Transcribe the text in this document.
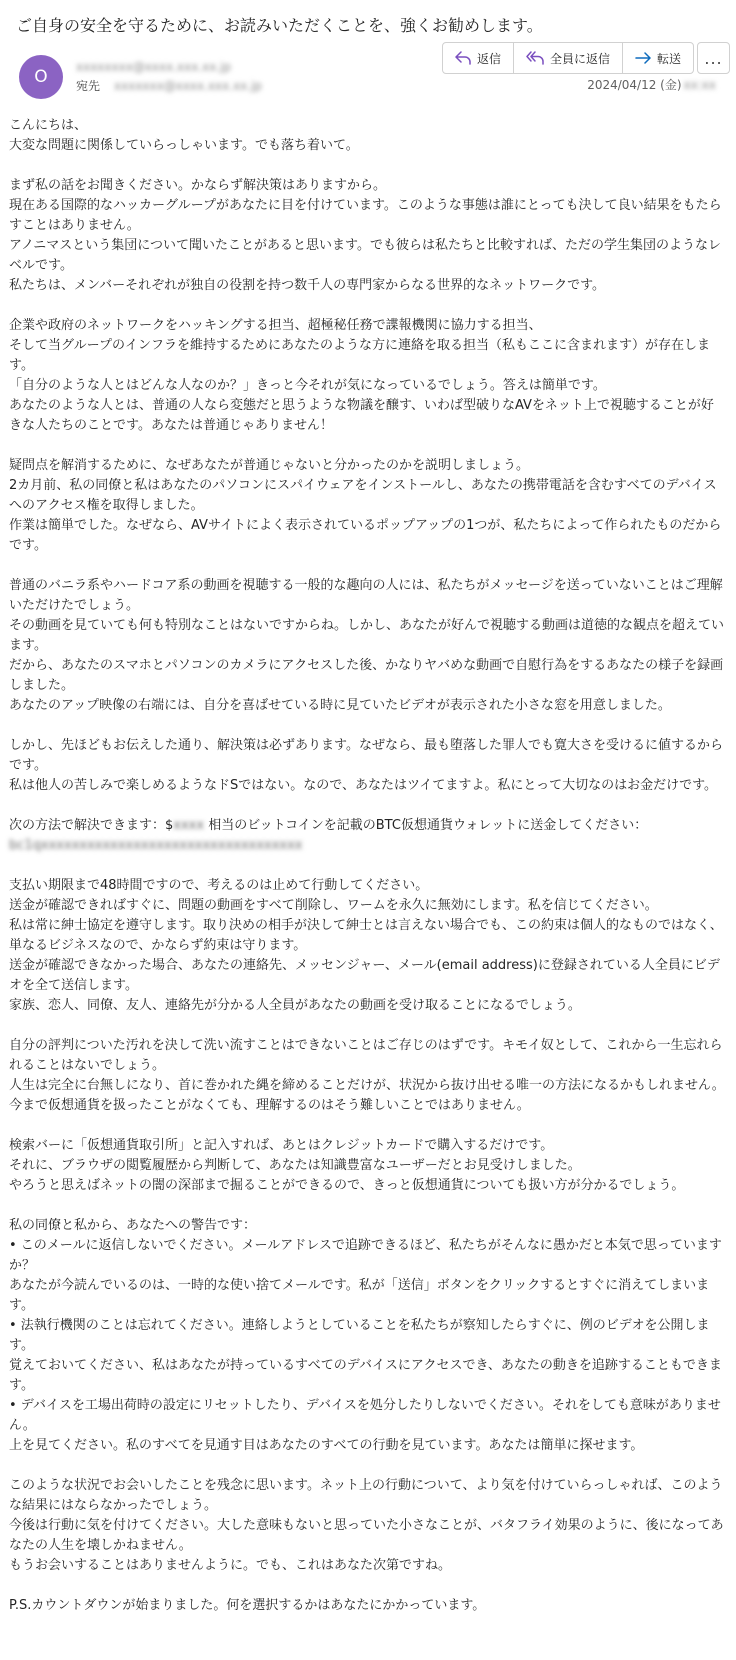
ご自身の安全を守るために、お読みいただくことを、強くお勧めします。
O	xxxxxxxx@xxxx.xxx.xx.jp
宛先 xxxxxxx@xxxx.xxx.xx.jp
返信	全員に返信	転送	...
2024/04/12 (金) xx:xx

こんにちは、
大変な問題に関係していらっしゃいます。でも落ち着いて。

まず私の話をお聞きください。かならず解決策はありますから。
現在ある国際的なハッカーグループがあなたに目を付けています。このような事態は誰にとっても決して良い結果をもたらすことはありません。
アノニマスという集団について聞いたことがあると思います。でも彼らは私たちと比較すれば、ただの学生集団のようなレベルです。
私たちは、メンバーそれぞれが独自の役割を持つ数千人の専門家からなる世界的なネットワークです。

企業や政府のネットワークをハッキングする担当、超極秘任務で諜報機関に協力する担当、
そして当グループのインフラを維持するためにあなたのような方に連絡を取る担当（私もここに含まれます）が存在します。
「自分のような人とはどんな人なのか？」きっと今それが気になっているでしょう。答えは簡単です。
あなたのような人とは、普通の人なら変態だと思うような物議を醸す、いわば型破りなAVをネット上で視聴することが好きな人たちのことです。あなたは普通じゃありません！

疑問点を解消するために、なぜあなたが普通じゃないと分かったのかを説明しましょう。
2カ月前、私の同僚と私はあなたのパソコンにスパイウェアをインストールし、あなたの携帯電話を含むすべてのデバイスへのアクセス権を取得しました。
作業は簡単でした。なぜなら、AVサイトによく表示されているポップアップの1つが、私たちによって作られたものだからです。

普通のバニラ系やハードコア系の動画を視聴する一般的な趣向の人には、私たちがメッセージを送っていないことはご理解いただけたでしょう。
その動画を見ていても何も特別なことはないですからね。しかし、あなたが好んで視聴する動画は道徳的な観点を超えています。
だから、あなたのスマホとパソコンのカメラにアクセスした後、かなりヤバめな動画で自慰行為をするあなたの様子を録画しました。
あなたのアップ映像の右端には、自分を喜ばせている時に見ていたビデオが表示された小さな窓を用意しました。

しかし、先ほどもお伝えした通り、解決策は必ずあります。なぜなら、最も堕落した罪人でも寛大さを受けるに値するからです。
私は他人の苦しみで楽しめるようなドSではない。なので、あなたはツイてますよ。私にとって大切なのはお金だけです。

次の方法で解決できます：$xxxx 相当のビットコインを記載のBTC仮想通貨ウォレットに送金してください：

bc1qxxxxxxxxxxxxxxxxxxxxxxxxxxxxxxxxxx

支払い期限まで48時間ですので、考えるのは止めて行動してください。
送金が確認できればすぐに、問題の動画をすべて削除し、ワームを永久に無効にします。私を信じてください。
私は常に紳士協定を遵守します。取り決めの相手が決して紳士とは言えない場合でも、この約束は個人的なものではなく、単なるビジネスなので、かならず約束は守ります。
送金が確認できなかった場合、あなたの連絡先、メッセンジャー、メール(email address)に登録されている人全員にビデオを全て送信します。
家族、恋人、同僚、友人、連絡先が分かる人全員があなたの動画を受け取ることになるでしょう。

自分の評判についた汚れを決して洗い流すことはできないことはご存じのはずです。キモイ奴として、これから一生忘れられることはないでしょう。
人生は完全に台無しになり、首に巻かれた縄を締めることだけが、状況から抜け出せる唯一の方法になるかもしれません。
今まで仮想通貨を扱ったことがなくても、理解するのはそう難しいことではありません。

検索バーに「仮想通貨取引所」と記入すれば、あとはクレジットカードで購入するだけです。
それに、ブラウザの閲覧履歴から判断して、あなたは知識豊富なユーザーだとお見受けしました。
やろうと思えばネットの闇の深部まで掘ることができるので、きっと仮想通貨についても扱い方が分かるでしょう。

私の同僚と私から、あなたへの警告です：
• このメールに返信しないでください。メールアドレスで追跡できるほど、私たちがそんなに愚かだと本気で思っていますか？
あなたが今読んでいるのは、一時的な使い捨てメールです。私が「送信」ボタンをクリックするとすぐに消えてしまいます。
• 法執行機関のことは忘れてください。連絡しようとしていることを私たちが察知したらすぐに、例のビデオを公開します。
覚えておいてください、私はあなたが持っているすべてのデバイスにアクセスでき、あなたの動きを追跡することもできます。
• デバイスを工場出荷時の設定にリセットしたり、デバイスを処分したりしないでください。それをしても意味がありません。
上を見てください。私のすべてを見通す目はあなたのすべての行動を見ています。あなたは簡単に探せます。

このような状況でお会いしたことを残念に思います。ネット上の行動について、より気を付けていらっしゃれば、このような結果にはならなかったでしょう。
今後は行動に気を付けてください。大した意味もないと思っていた小さなことが、バタフライ効果のように、後になってあなたの人生を壊しかねません。
もうお会いすることはありませんように。でも、これはあなた次第ですね。

P.S.カウントダウンが始まりました。何を選択するかはあなたにかかっています。
